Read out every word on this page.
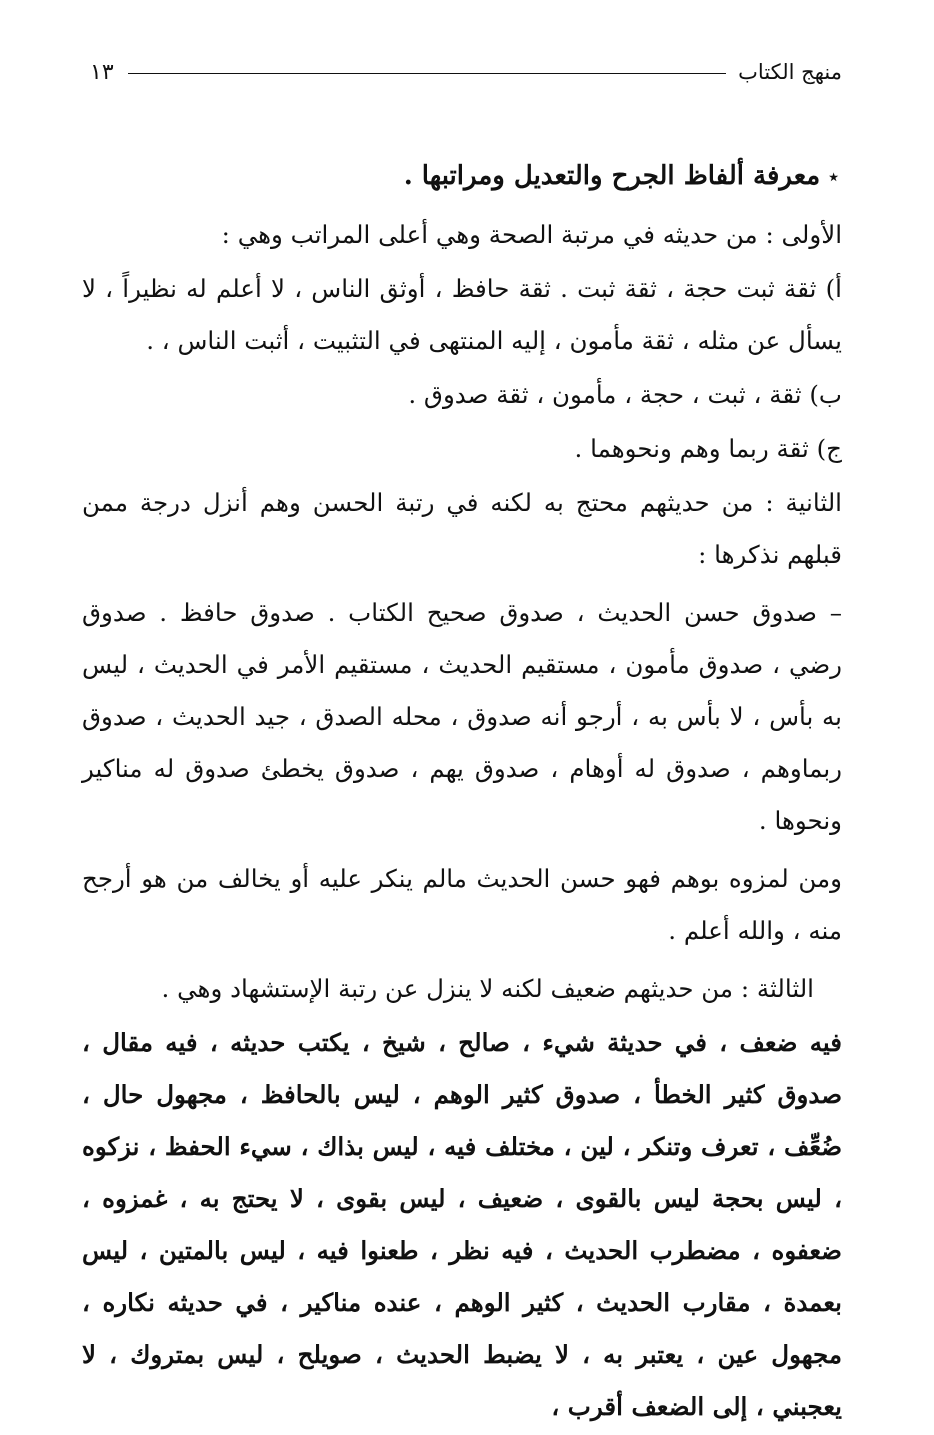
منهج الكتاب
١٣

٭ معرفة ألفاظ الجرح والتعديل ومراتبها .

الأولى : من حديثه في مرتبة الصحة وهي أعلى المراتب وهي :

أ) ثقة ثبت حجة ، ثقة ثبت . ثقة حافظ ، أوثق الناس ، لا أعلم له نظيراً ، لا يسأل عن مثله ، ثقة مأمون ، إليه المنتهى في التثبيت ، أثبت الناس ، .

ب) ثقة ، ثبت ، حجة ، مأمون ، ثقة صدوق .

ج) ثقة ربما وهم ونحوهما .

الثانية : من حديثهم محتج به لكنه في رتبة الحسن وهم أنزل درجة ممن قبلهم نذكرها :

– صدوق حسن الحديث ، صدوق صحيح الكتاب . صدوق حافظ . صدوق رضي ، صدوق مأمون ، مستقيم الحديث ، مستقيم الأمر في الحديث ، ليس به بأس ، لا بأس به ، أرجو أنه صدوق ، محله الصدق ، جيد الحديث ، صدوق ربماوهم ، صدوق له أوهام ، صدوق يهم ، صدوق يخطئ صدوق له مناكير ونحوها .

ومن لمزوه بوهم فهو حسن الحديث مالم ينكر عليه أو يخالف من هو أرجح منه ، والله أعلم .

الثالثة : من حديثهم ضعيف لكنه لا ينزل عن رتبة الإستشهاد وهي .

فيه ضعف ، في حديثة شيء ، صالح ، شيخ ، يكتب حديثه ، فيه مقال ، صدوق كثير الخطأ ، صدوق كثير الوهم ، ليس بالحافظ ، مجهول حال ، ضُعِّف ، تعرف وتنكر ، لين ، مختلف فيه ، ليس بذاك ، سيء الحفظ ، نزكوه ، ليس بحجة ليس بالقوى ، ضعيف ، ليس بقوى ، لا يحتج به ، غمزوه ، ضعفوه ، مضطرب الحديث ، فيه نظر ، طعنوا فيه ، ليس بالمتين ، ليس بعمدة ، مقارب الحديث ، كثير الوهم ، عنده مناكير ، في حديثه نكاره ، مجهول عين ، يعتبر به ، لا يضبط الحديث ، صويلح ، ليس بمتروك ، لا يعجبني ، إلى الضعف أقرب ،
